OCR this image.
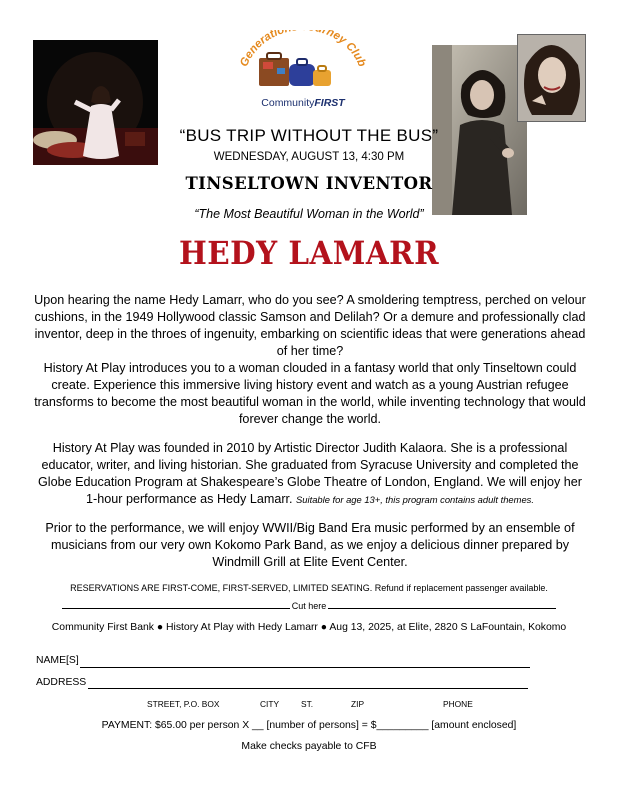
Generatio rney Club
CommunityFIRST
“BUS TRIP WITHOUT THE BUS”
WEDNESDAY, AUGUST 13, 4:30 PM
TINSELTOWN INVENTOR
“The Most Beautiful Woman in the World”
HEDY LAMARR
Upon hearing the name Hedy Lamarr, who do you see? A smoldering temptress, perched on velour cushions, in the 1949 Hollywood classic Samson and Delilah? Or a demure and professionally clad inventor, deep in the throes of ingenuity, embarking on scientific ideas that were generations ahead of her time?
History At Play introduces you to a woman clouded in a fantasy world that only Tinseltown could create. Experience this immersive living history event and watch as a young Austrian refugee transforms to become the most beautiful woman in the world, while inventing technology that would forever change the world.
History At Play was founded in 2010 by Artistic Director Judith Kalaora. She is a professional educator, writer, and living historian. She graduated from Syracuse University and completed the Globe Education Program at Shakespeare’s Globe Theatre of London, England. We will enjoy her 1-hour performance as Hedy Lamarr. Suitable for age 13+, this program contains adult themes.
Prior to the performance, we will enjoy WWII/Big Band Era music performed by an ensemble of musicians from our very own Kokomo Park Band, as we enjoy a delicious dinner prepared by Windmill Grill at Elite Event Center.
RESERVATIONS ARE FIRST-COME, FIRST-SERVED, LIMITED SEATING. Refund if replacement passenger available.
Cut here
Community First Bank ● History At Play with Hedy Lamarr ● Aug 13, 2025, at Elite, 2820 S LaFountain, Kokomo
NAME[S]
ADDRESS
STREET, P.O. BOX	CITY	ST.	ZIP	PHONE
PAYMENT: $65.00 per person X __ [number of persons] = $_________ [amount enclosed]
Make checks payable to CFB
